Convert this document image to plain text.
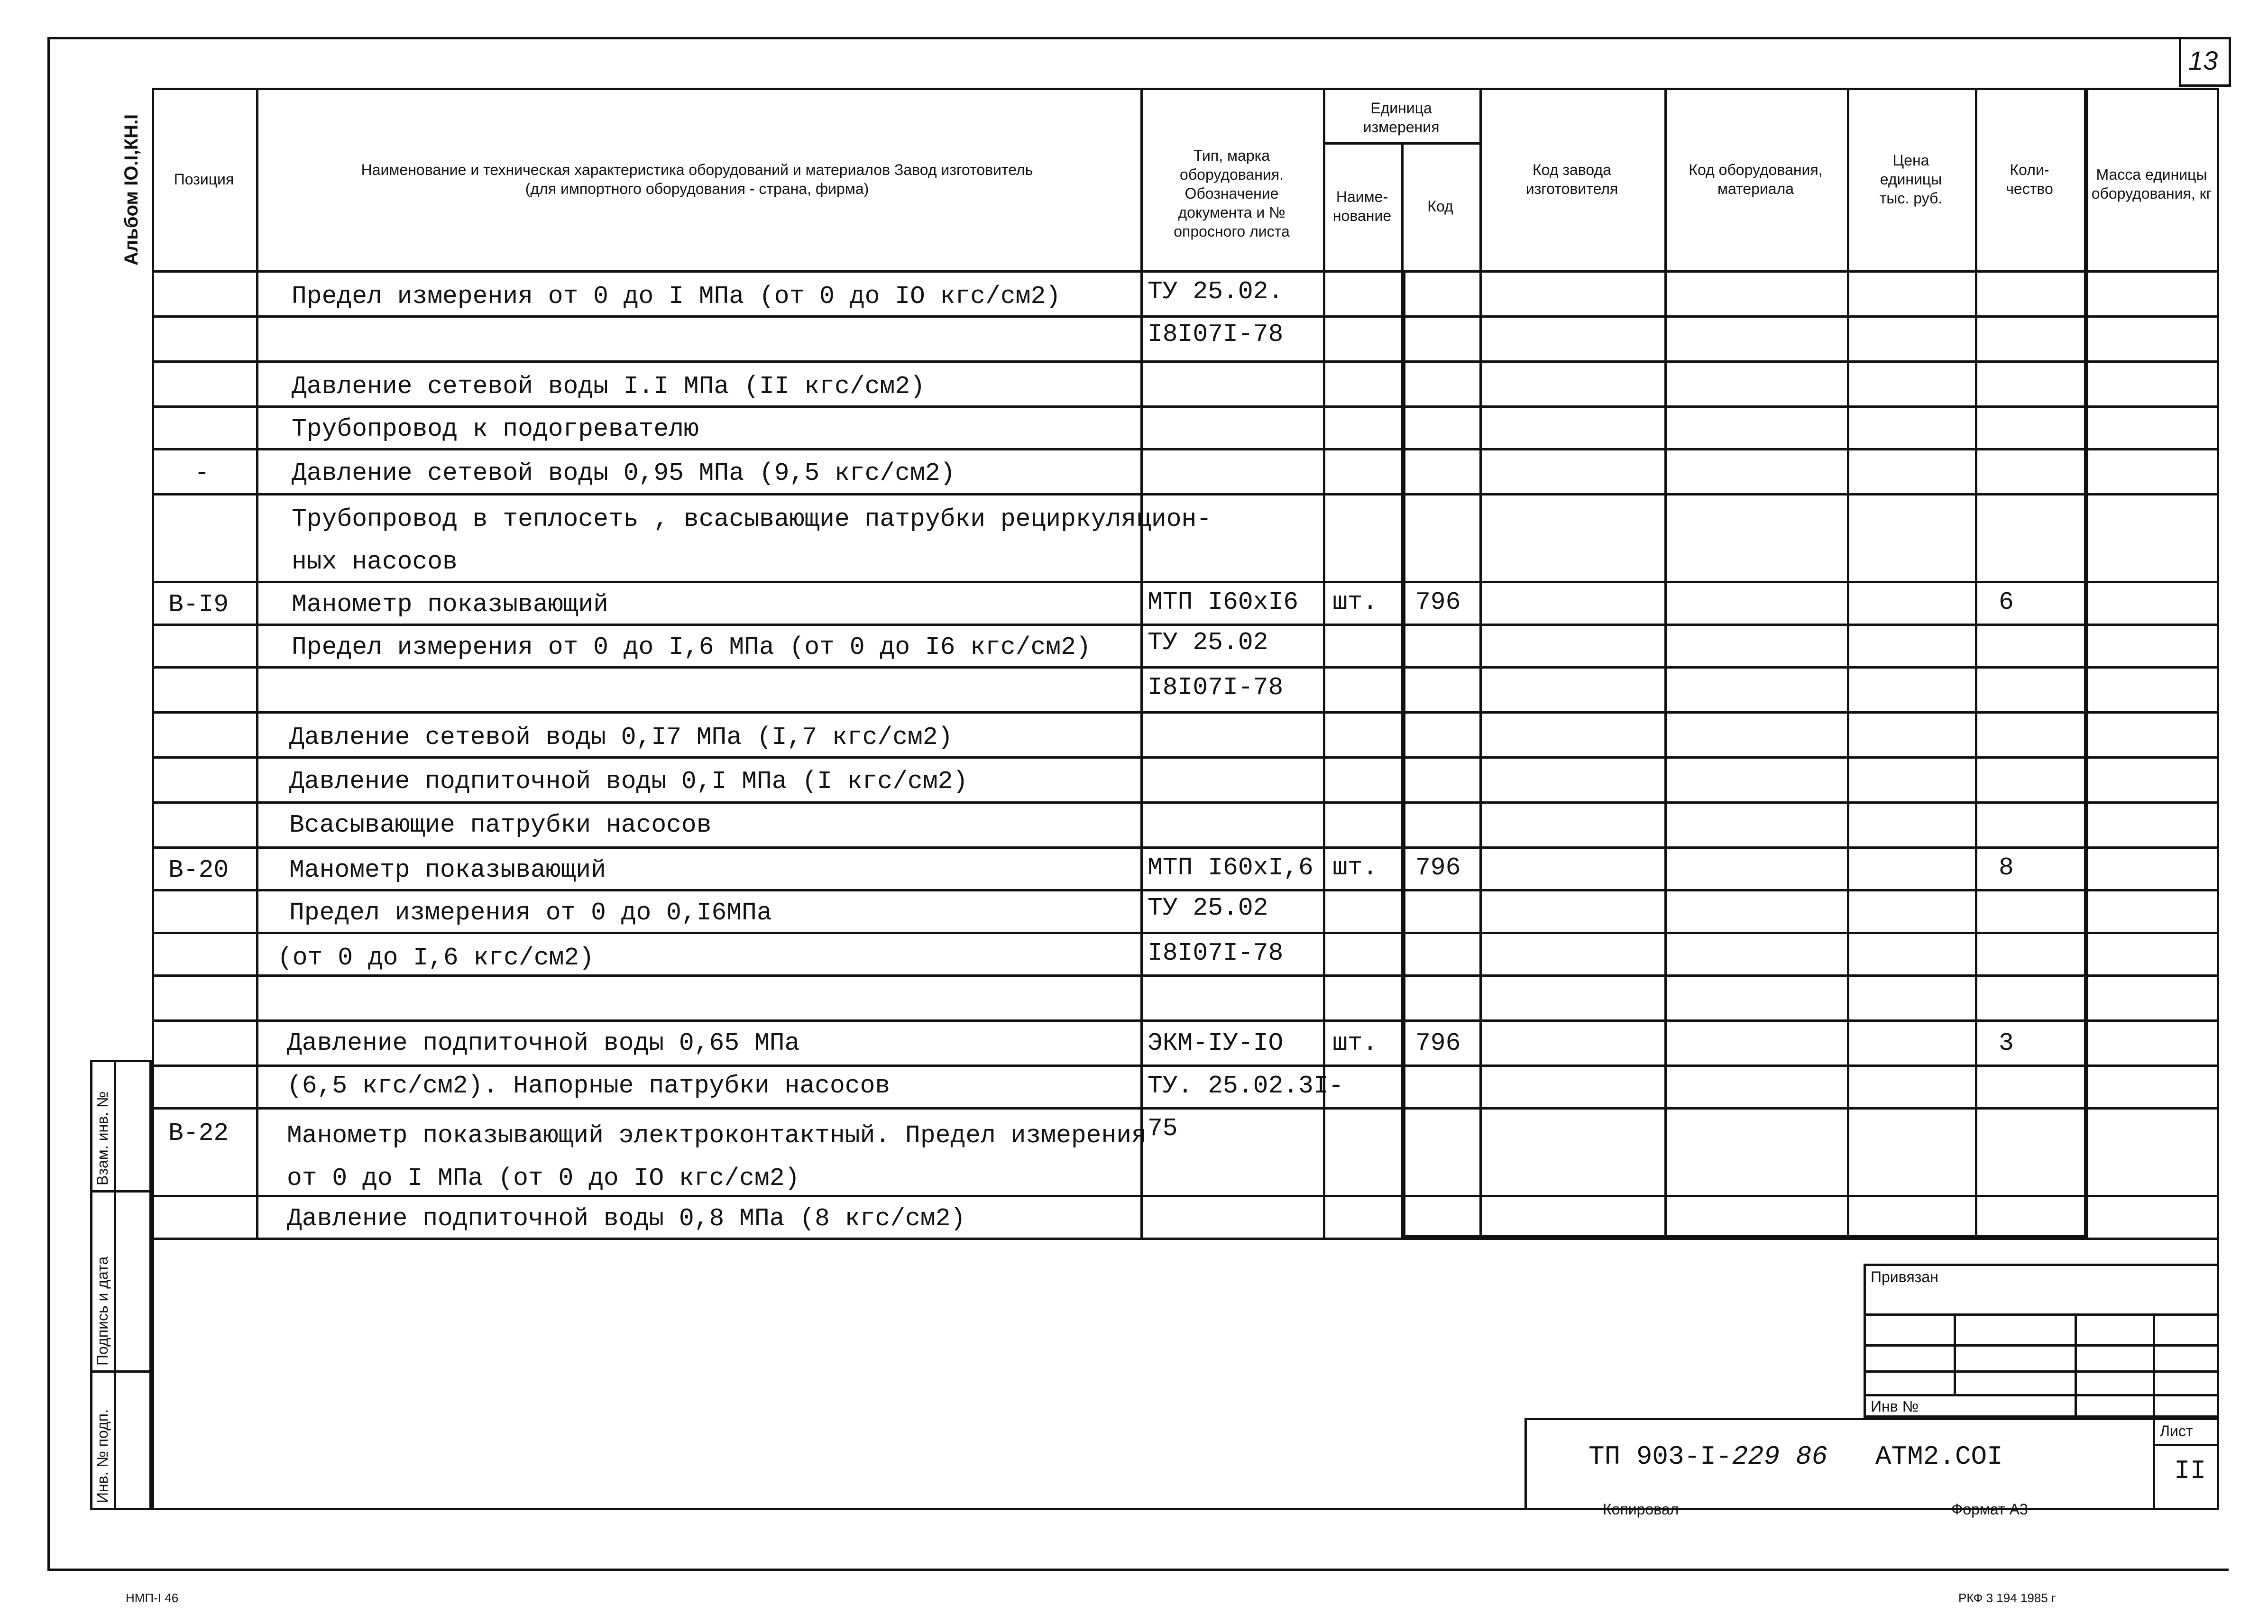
13
Позиция
Наименование и техническая характеристика оборудований и материалов Завод изготовитель (для импортного оборудования - страна, фирма)
Тип, марка оборудования. Обозначение документа и № опросного листа
Единица измерения
Наиме- нование
Код
Код завода изготовителя
Код оборудования, материала
Цена единицы тыс. руб.
Коли- чество
Масса единицы оборудования, кг
Предел измерения от 0 до I МПа (от 0 до IO кгс/см2)
Давление сетевой воды I.I МПа (II кгс/см2)
Трубопровод к подогревателю
Давление сетевой воды 0,95 МПа (9,5 кгс/см2)
Трубопровод в теплосеть , всасывающие патрубки рециркуляцион-
ных насосов
Манометр показывающий
Предел измерения от 0 до I,6 МПа (от 0 до I6 кгс/см2)
Давление сетевой воды 0,I7 МПа (I,7 кгс/см2)
Давление подпиточной воды 0,I МПа (I кгс/см2)
Всасывающие патрубки насосов
Манометр показывающий
Предел измерения от 0 до 0,I6МПа
(от 0 до I,6 кгс/см2)
Давление подпиточной воды 0,65 МПа
(6,5 кгс/см2). Напорные патрубки насосов
Манометр показывающий электроконтактный. Предел измерения
от 0 до I МПа (от 0 до IO кгс/см2)
Давление подпиточной воды 0,8 МПа (8 кгс/см2)
-
В-I9
В-20
В-22
ТУ 25.02.
I8I07I-78
МТП I60хI6
ТУ 25.02
I8I07I-78
МТП I60хI,6
ТУ 25.02
I8I07I-78
ЭКМ-IУ-IO
ТУ. 25.02.3I-
75
шт.
шт.
шт.
796
796
796
6
8
3
Альбом IO.I,КН.I
Взам. инв. №
Подпись и дата
Инв. № подп.
Привязан
Инв №
ТП 903-I-229 86 АТМ2.COI
Лист
II
Копировал	Формат А3
НМП-I 46	РКФ 3 194 1985 г
